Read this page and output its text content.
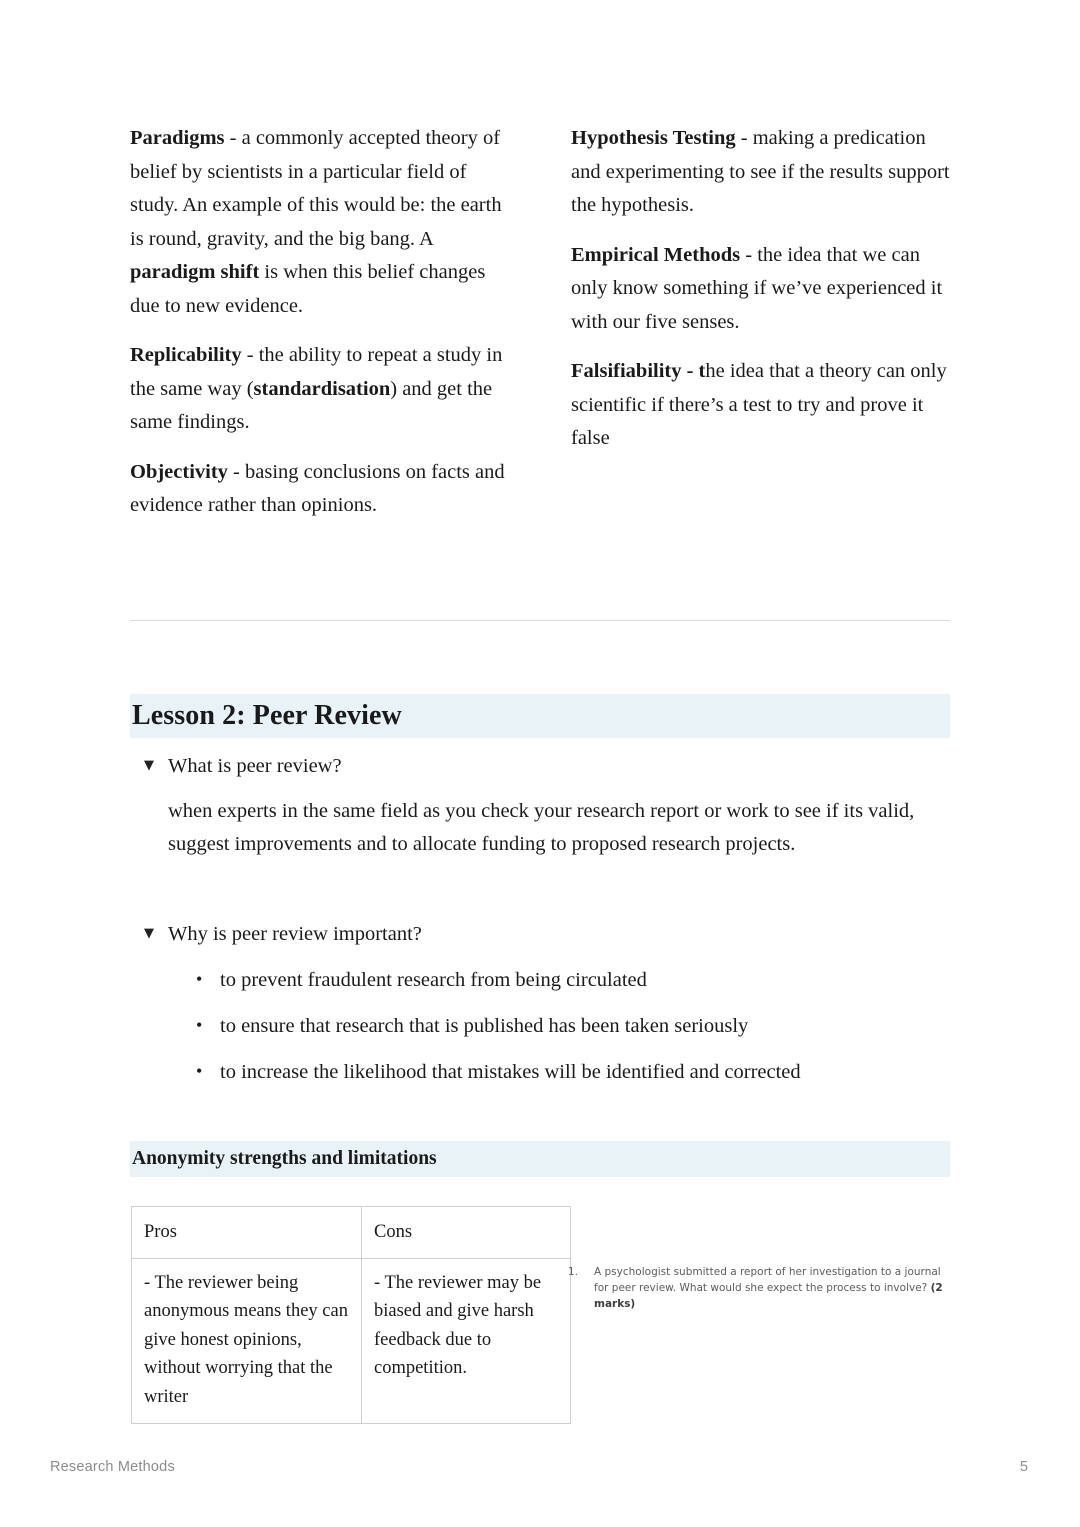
Paradigms - a commonly accepted theory of belief by scientists in a particular field of study. An example of this would be: the earth is round, gravity, and the big bang. A paradigm shift is when this belief changes due to new evidence.

Replicability - the ability to repeat a study in the same way (standardisation) and get the same findings.

Objectivity - basing conclusions on facts and evidence rather than opinions.

Hypothesis Testing - making a predication and experimenting to see if the results support the hypothesis.

Empirical Methods - the idea that we can only know something if we’ve experienced it with our five senses.

Falsifiability - the idea that a theory can only scientific if there’s a test to try and prove it false

Lesson 2: Peer Review
▼ What is peer review?
when experts in the same field as you check your research report or work to see if its valid, suggest improvements and to allocate funding to proposed research projects.
▼ Why is peer review important?
• to prevent fraudulent research from being circulated
• to ensure that research that is published has been taken seriously
• to increase the likelihood that mistakes will be identified and corrected
Anonymity strengths and limitations
Pros	Cons
- The reviewer being anonymous means they can give honest opinions, without worrying that the writer	- The reviewer may be biased and give harsh feedback due to competition.
1. A psychologist submitted a report of her investigation to a journal for peer review. What would she expect the process to involve? (2 marks)
Research Methods	5
